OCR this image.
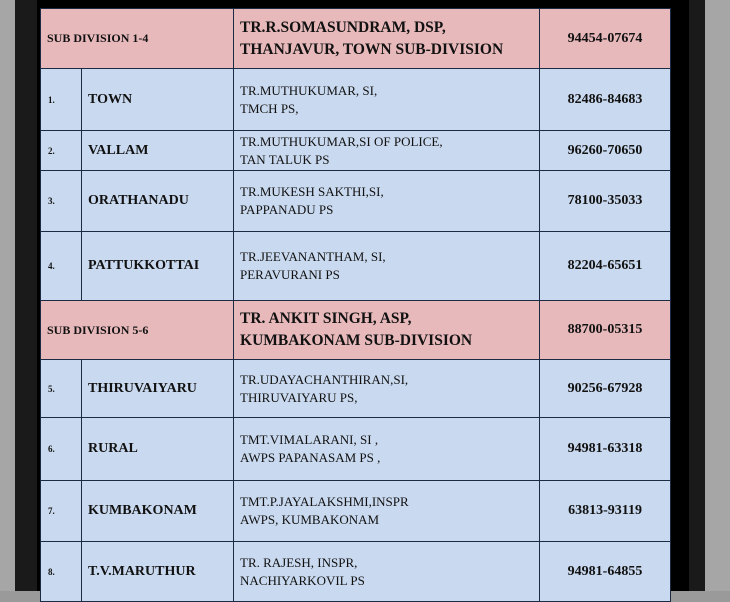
SUB DIVISION 1-4		TR.R.SOMASUNDRAM, DSP,
THANJAVUR, TOWN SUB-DIVISION	94454-07674
1.	TOWN	TR.MUTHUKUMAR, SI,
TMCH PS,	82486-84683
2.	VALLAM	TR.MUTHUKUMAR,SI OF POLICE,
TAN TALUK PS	96260-70650
3.	ORATHANADU	TR.MUKESH SAKTHI,SI,
PAPPANADU PS	78100-35033
4.	PATTUKKOTTAI	TR.JEEVANANTHAM, SI,
PERAVURANI PS	82204-65651
SUB DIVISION 5-6		TR. ANKIT SINGH, ASP,
KUMBAKONAM SUB-DIVISION	88700-05315
5.	THIRUVAIYARU	TR.UDAYACHANTHIRAN,SI,
THIRUVAIYARU PS,	90256-67928
6.	RURAL	TMT.VIMALARANI, SI ,
AWPS PAPANASAM PS ,	94981-63318
7.	KUMBAKONAM	TMT.P.JAYALAKSHMI,INSPR
AWPS, KUMBAKONAM	63813-93119
8.	T.V.MARUTHUR	TR. RAJESH, INSPR,
NACHIYARKOVIL PS	94981-64855
